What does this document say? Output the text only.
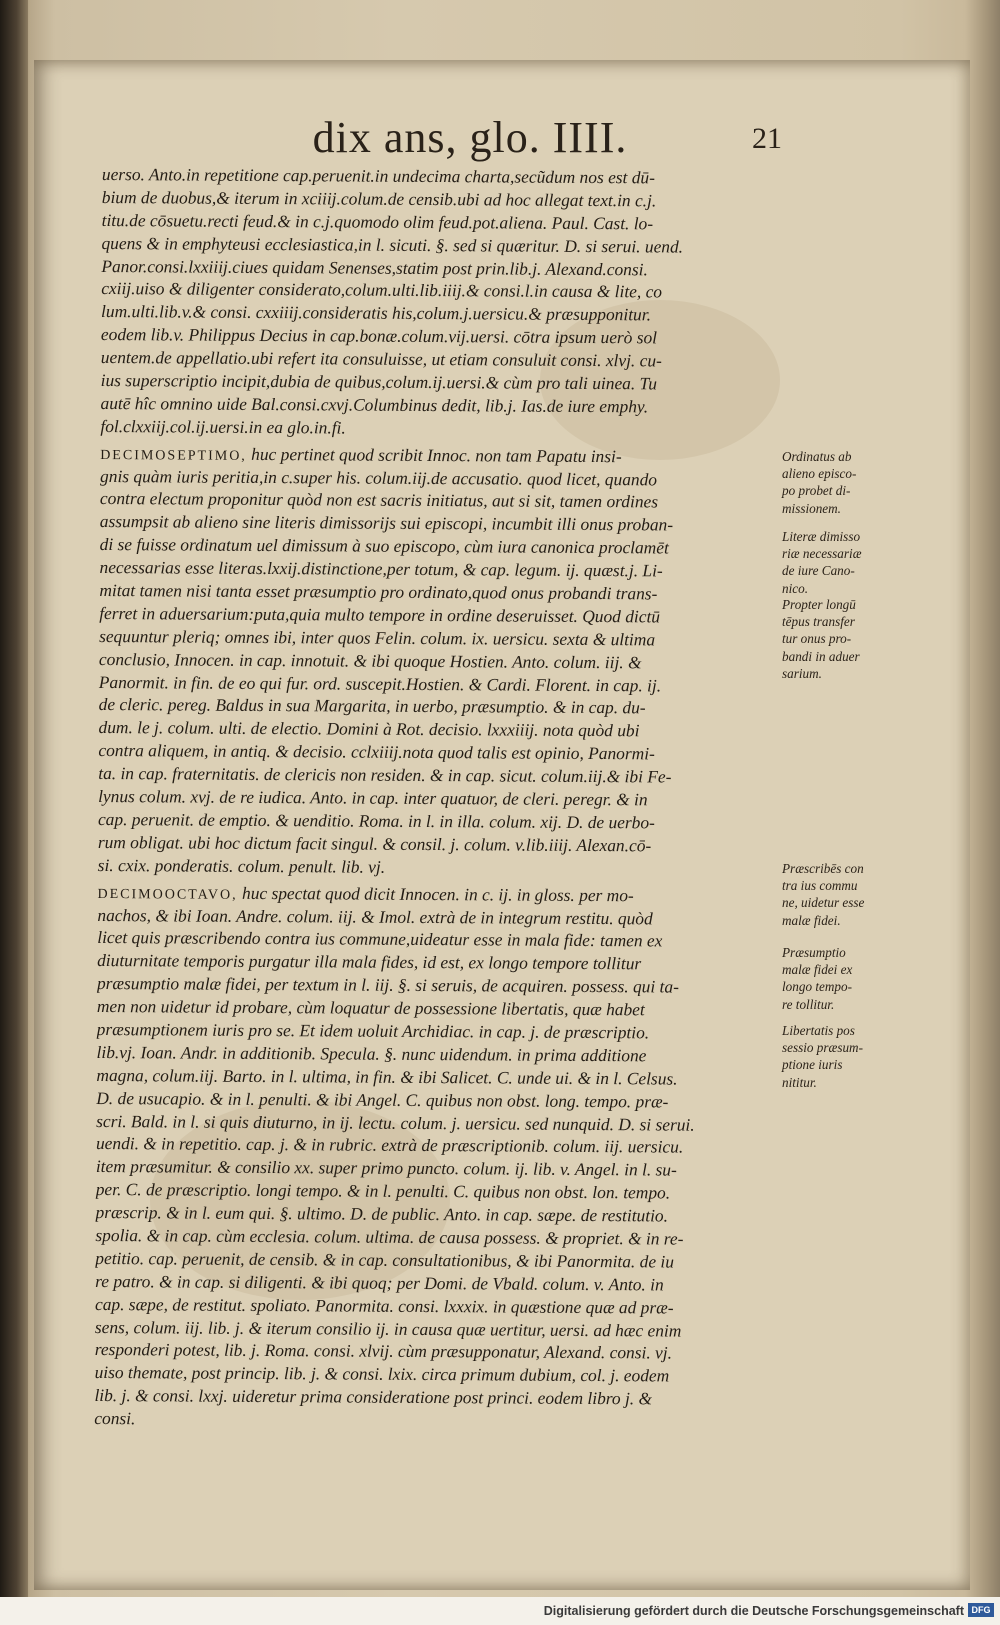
dix ans, glo. IIII.	21
uerso. Anto.in repetitione cap.peruenit.in undecima charta,secũdum nos est dū-
bium de duobus,& iterum in xciiij.colum.de censib.ubi ad hoc allegat text.in c.j.
titu.de cōsuetu.recti feud.& in c.j.quomodo olim feud.pot.aliena. Paul. Cast. lo-
quens & in emphyteusi ecclesiastica,in l. sicuti. §. sed si quæritur. D. si serui. uend.
Panor.consi.lxxiiij.ciues quidam Senenses,statim post prin.lib.j. Alexand.consi.
cxiij.uiso & diligenter considerato,colum.ulti.lib.iiij.& consi.l.in causa & lite, co
lum.ulti.lib.v.& consi. cxxiiij.consideratis his,colum.j.uersicu.& præsupponitur.
eodem lib.v. Philippus Decius in cap.bonæ.colum.vij.uersi. cōtra ipsum uerò sol
uentem.de appellatio.ubi refert ita consuluisse, ut etiam consuluit consi. xlvj. cu-
ius superscriptio incipit,dubia de quibus,colum.ij.uersi.& cùm pro tali uinea. Tu
autē hîc omnino uide Bal.consi.cxvj.Columbinus dedit, lib.j. Ias.de iure emphy.
fol.clxxiij.col.ij.uersi.in ea glo.in.fi.
DECIMOSEPTIMO, huc pertinet quod scribit Innoc. non tam Papatu insi-
gnis quàm iuris peritia,in c.super his. colum.iij.de accusatio. quod licet, quando
contra electum proponitur quòd non est sacris initiatus, aut si sit, tamen ordines
assumpsit ab alieno sine literis dimissorijs sui episcopi, incumbit illi onus proban-
di se fuisse ordinatum uel dimissum à suo episcopo, cùm iura canonica proclamēt
necessarias esse literas.lxxij.distinctione,per totum, & cap. legum. ij. quæst.j. Li-
mitat tamen nisi tanta esset præsumptio pro ordinato,quod onus probandi trans-
ferret in aduersarium:puta,quia multo tempore in ordine deseruisset. Quod dictū
sequuntur pleriq; omnes ibi, inter quos Felin. colum. ix. uersicu. sexta & ultima
conclusio, Innocen. in cap. innotuit. & ibi quoque Hostien. Anto. colum. iij. &
Panormit. in fin. de eo qui fur. ord. suscepit.Hostien. & Cardi. Florent. in cap. ij.
de cleric. pereg. Baldus in sua Margarita, in uerbo, præsumptio. & in cap. du-
dum. le j. colum. ulti. de electio. Domini à Rot. decisio. lxxxiiij. nota quòd ubi
contra aliquem, in antiq. & decisio. cclxiiij.nota quod talis est opinio, Panormi-
ta. in cap. fraternitatis. de clericis non residen. & in cap. sicut. colum.iij.& ibi Fe-
lynus colum. xvj. de re iudica. Anto. in cap. inter quatuor, de cleri. peregr. & in
cap. peruenit. de emptio. & uenditio. Roma. in l. in illa. colum. xij. D. de uerbo-
rum obligat. ubi hoc dictum facit singul. & consil. j. colum. v.lib.iiij. Alexan.cō-
si. cxix. ponderatis. colum. penult. lib. vj.
DECIMOOCTAVO, huc spectat quod dicit Innocen. in c. ij. in gloss. per mo-
nachos, & ibi Ioan. Andre. colum. iij. & Imol. extrà de in integrum restitu. quòd
licet quis præscribendo contra ius commune,uideatur esse in mala fide: tamen ex
diuturnitate temporis purgatur illa mala fides, id est, ex longo tempore tollitur
præsumptio malæ fidei, per textum in l. iij. §. si seruis, de acquiren. possess. qui ta-
men non uidetur id probare, cùm loquatur de possessione libertatis, quæ habet
præsumptionem iuris pro se. Et idem uoluit Archidiac. in cap. j. de præscriptio.
lib.vj. Ioan. Andr. in additionib. Specula. §. nunc uidendum. in prima additione
magna, colum.iij. Barto. in l. ultima, in fin. & ibi Salicet. C. unde ui. & in l. Celsus.
D. de usucapio. & in l. penulti. & ibi Angel. C. quibus non obst. long. tempo. præ-
scri. Bald. in l. si quis diuturno, in ij. lectu. colum. j. uersicu. sed nunquid. D. si serui.
uendi. & in repetitio. cap. j. & in rubric. extrà de præscriptionib. colum. iij. uersicu.
item præsumitur. & consilio xx. super primo puncto. colum. ij. lib. v. Angel. in l. su-
per. C. de præscriptio. longi tempo. & in l. penulti. C. quibus non obst. lon. tempo.
præscrip. & in l. eum qui. §. ultimo. D. de public. Anto. in cap. sæpe. de restitutio.
spolia. & in cap. cùm ecclesia. colum. ultima. de causa possess. & propriet. & in re-
petitio. cap. peruenit, de censib. & in cap. consultationibus, & ibi Panormita. de iu
re patro. & in cap. si diligenti. & ibi quoq; per Domi. de Vbald. colum. v. Anto. in
cap. sæpe, de restitut. spoliato. Panormita. consi. lxxxix. in quæstione quæ ad præ-
sens, colum. iij. lib. j. & iterum consilio ij. in causa quæ uertitur, uersi. ad hæc enim
responderi potest, lib. j. Roma. consi. xlvij. cùm præsupponatur, Alexand. consi. vj.
uiso themate, post princip. lib. j. & consi. lxix. circa primum dubium, col. j. eodem
lib. j. & consi. lxxj. uideretur prima consideratione post princi. eodem libro j. &
consi.
Ordinatus ab
alieno episco-
po probet di-
missionem.
Literæ dimisso
riæ necessariæ
de iure Cano-
nico.
Propter longū
tēpus transfer
tur onus pro-
bandi in aduer
sarium.
Præscribēs con
tra ius commu
ne, uidetur esse
malæ fidei.
Præsumptio
malæ fidei ex
longo tempo-
re tollitur.
Libertatis pos
sessio præsum-
ptione iuris
nititur.
Digitalisierung gefördert durch die Deutsche Forschungsgemeinschaft DFG
